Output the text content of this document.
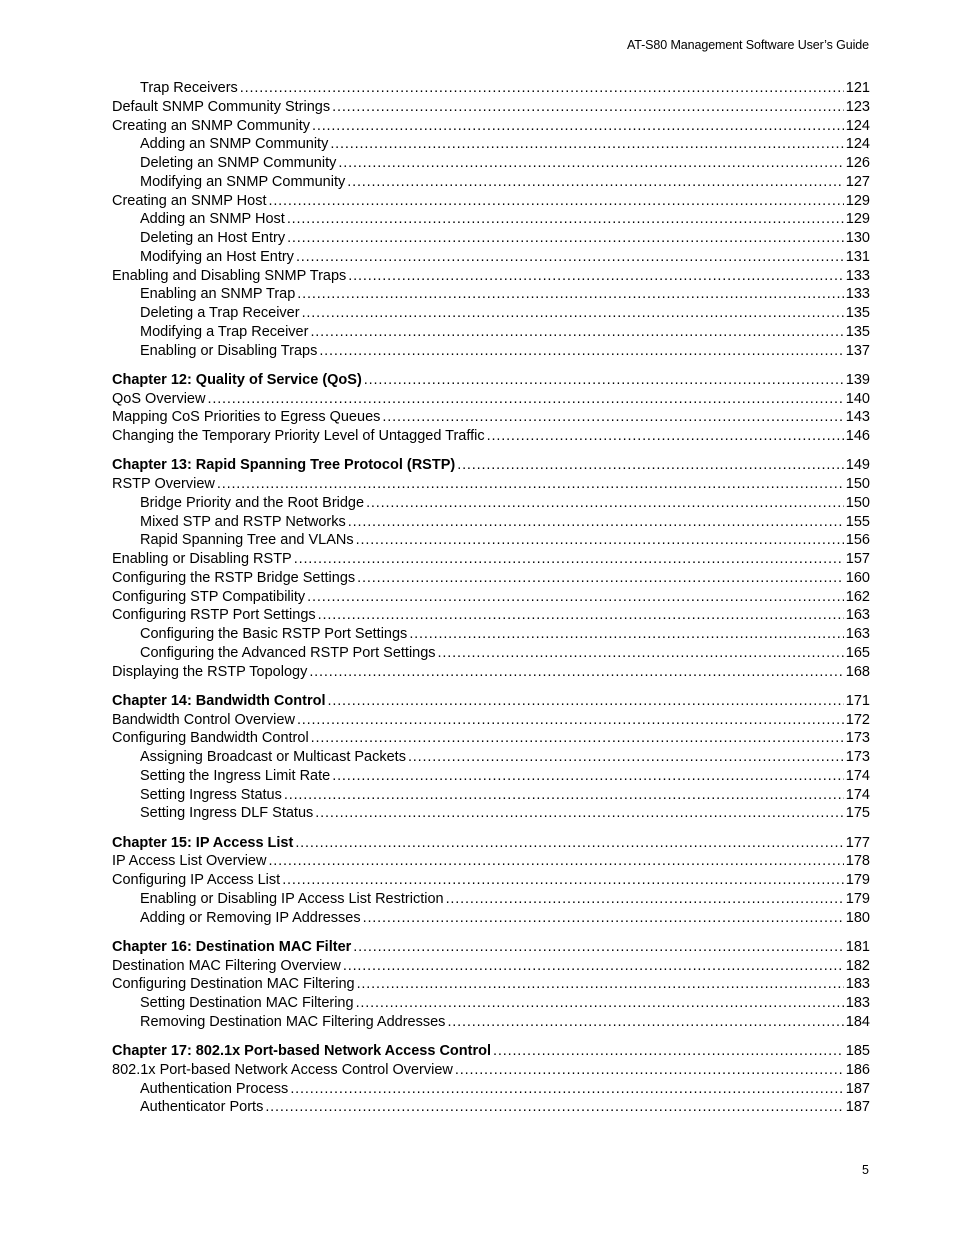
AT-S80 Management Software User’s Guide
Trap Receivers . . .	121
Default SNMP Community Strings . . .	123
Creating an SNMP Community . . .	124
Adding an SNMP Community . . .	124
Deleting an SNMP Community . . .	126
Modifying an SNMP Community . . .	127
Creating an SNMP Host . . .	129
Adding an SNMP Host . . .	129
Deleting an Host Entry . . .	130
Modifying an Host Entry . . .	131
Enabling and Disabling SNMP Traps . . .	133
Enabling an SNMP Trap . . .	133
Deleting a Trap Receiver . . .	135
Modifying a Trap Receiver . . .	135
Enabling or Disabling Traps . . .	137
Chapter 12: Quality of Service (QoS) . . .	139
QoS Overview . . .	140
Mapping CoS Priorities to Egress Queues . . .	143
Changing the Temporary Priority Level of Untagged Traffic . . .	146
Chapter 13: Rapid Spanning Tree Protocol (RSTP) . . .	149
RSTP Overview . . .	150
Bridge Priority and the Root Bridge . . .	150
Mixed STP and RSTP Networks . . .	155
Rapid Spanning Tree and VLANs . . .	156
Enabling or Disabling RSTP . . .	157
Configuring the RSTP Bridge Settings . . .	160
Configuring STP Compatibility . . .	162
Configuring RSTP Port Settings . . .	163
Configuring the Basic RSTP Port Settings . . .	163
Configuring the Advanced RSTP Port Settings . . .	165
Displaying the RSTP Topology . . .	168
Chapter 14: Bandwidth Control . . .	171
Bandwidth Control Overview . . .	172
Configuring Bandwidth Control . . .	173
Assigning Broadcast or Multicast Packets . . .	173
Setting the Ingress Limit Rate . . .	174
Setting Ingress Status . . .	174
Setting Ingress DLF Status . . .	175
Chapter 15: IP Access List . . .	177
IP Access List Overview . . .	178
Configuring IP Access List . . .	179
Enabling or Disabling IP Access List Restriction . . .	179
Adding or Removing IP Addresses . . .	180
Chapter 16: Destination MAC Filter . . .	181
Destination MAC Filtering Overview . . .	182
Configuring Destination MAC Filtering . . .	183
Setting Destination MAC Filtering . . .	183
Removing Destination MAC Filtering Addresses . . .	184
Chapter 17: 802.1x Port-based Network Access Control . . .	185
802.1x Port-based Network Access Control Overview . . .	186
Authentication Process . . .	187
Authenticator Ports . . .	187
5
